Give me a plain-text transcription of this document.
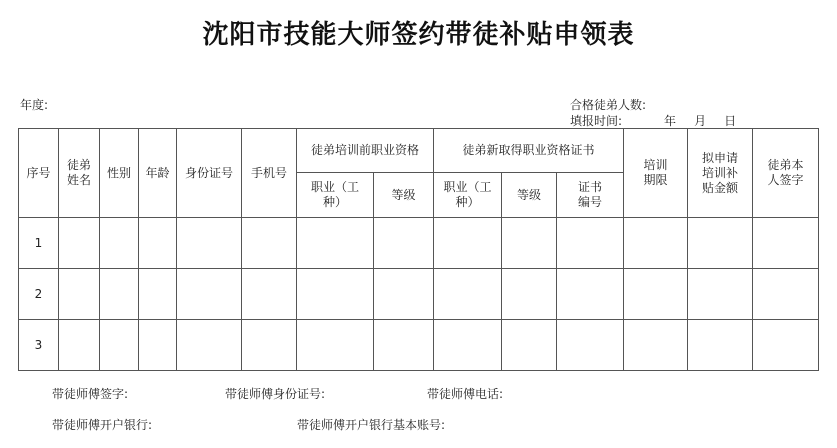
沈阳市技能大师签约带徒补贴申领表
年度:	合格徒弟人数:
填报时间:	年 月 日
序号	徒弟姓名	性别	年龄	身份证号	手机号	徒弟培训前职业资格		徒弟新取得职业资格证书			培训期限	拟申请培训补贴金额	徒弟本人签字
						职业（工种）	等级	职业（工种）	等级	证书编号			
1													
2													
3													
带徒师傅签字:	带徒师傅身份证号:	带徒师傅电话:
带徒师傅开户银行:	带徒师傅开户银行基本账号:
